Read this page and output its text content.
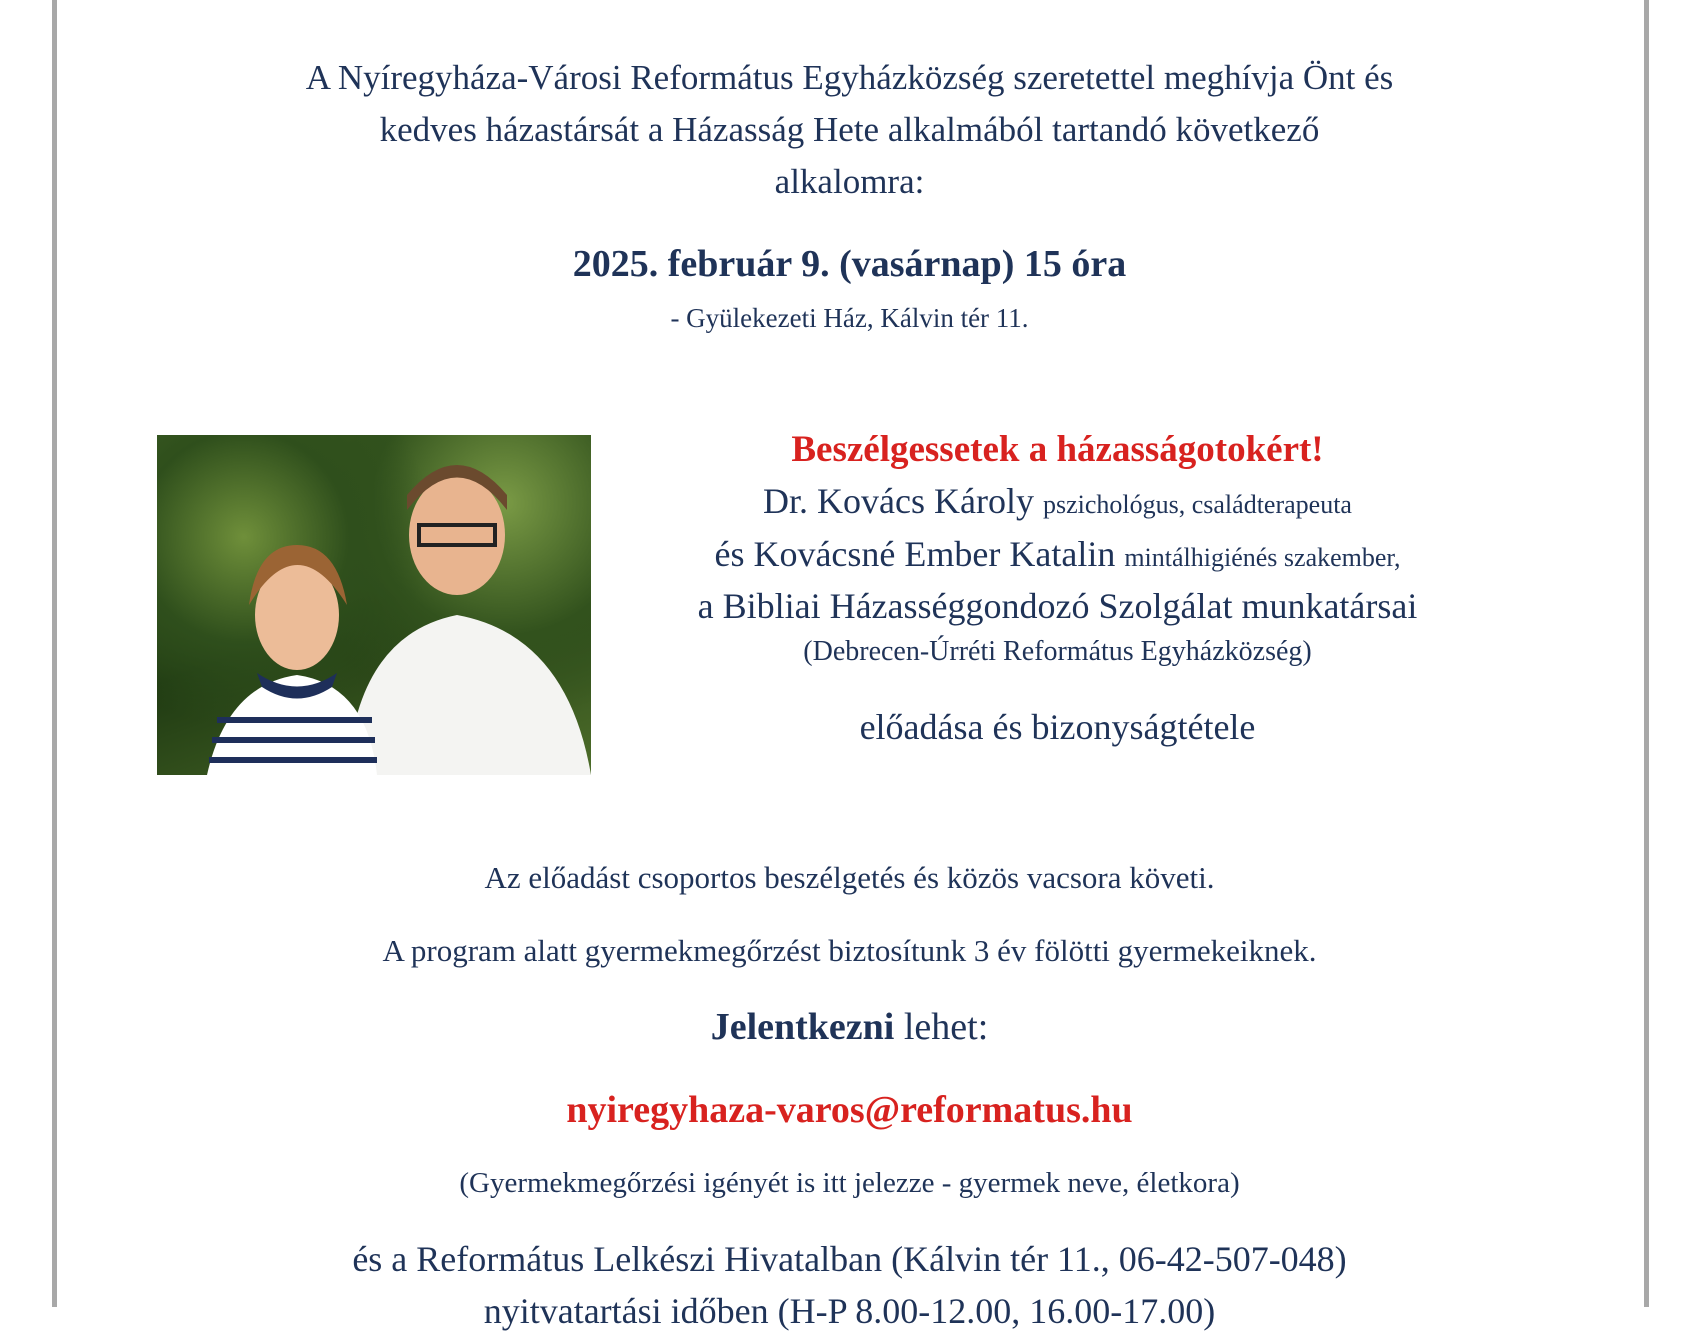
A Nyíregyháza-Városi Református Egyházközség szeretettel meghívja Önt és
kedves házastársát a Házasság Hete alkalmából tartandó következő
alkalomra:
2025. február 9. (vasárnap) 15 óra
- Gyülekezeti Ház, Kálvin tér 11.
Beszélgessetek a házasságotokért!
Dr. Kovács Károly pszichológus, családterapeuta
és Kovácsné Ember Katalin mintálhigiénés szakember,
a Bibliai Házasséggondozó Szolgálat munkatársai
(Debrecen-Úrréti Református Egyházközség)
előadása és bizonyságtétele
Az előadást csoportos beszélgetés és közös vacsora követi.
A program alatt gyermekmegőrzést biztosítunk 3 év fölötti gyermekeiknek.
Jelentkezni lehet:
nyiregyhaza-varos@reformatus.hu
(Gyermekmegőrzési igényét is itt jelezze - gyermek neve, életkora)
és a Református Lelkészi Hivatalban (Kálvin tér 11., 06-42-507-048)
nyitvatartási időben (H-P 8.00-12.00, 16.00-17.00)
